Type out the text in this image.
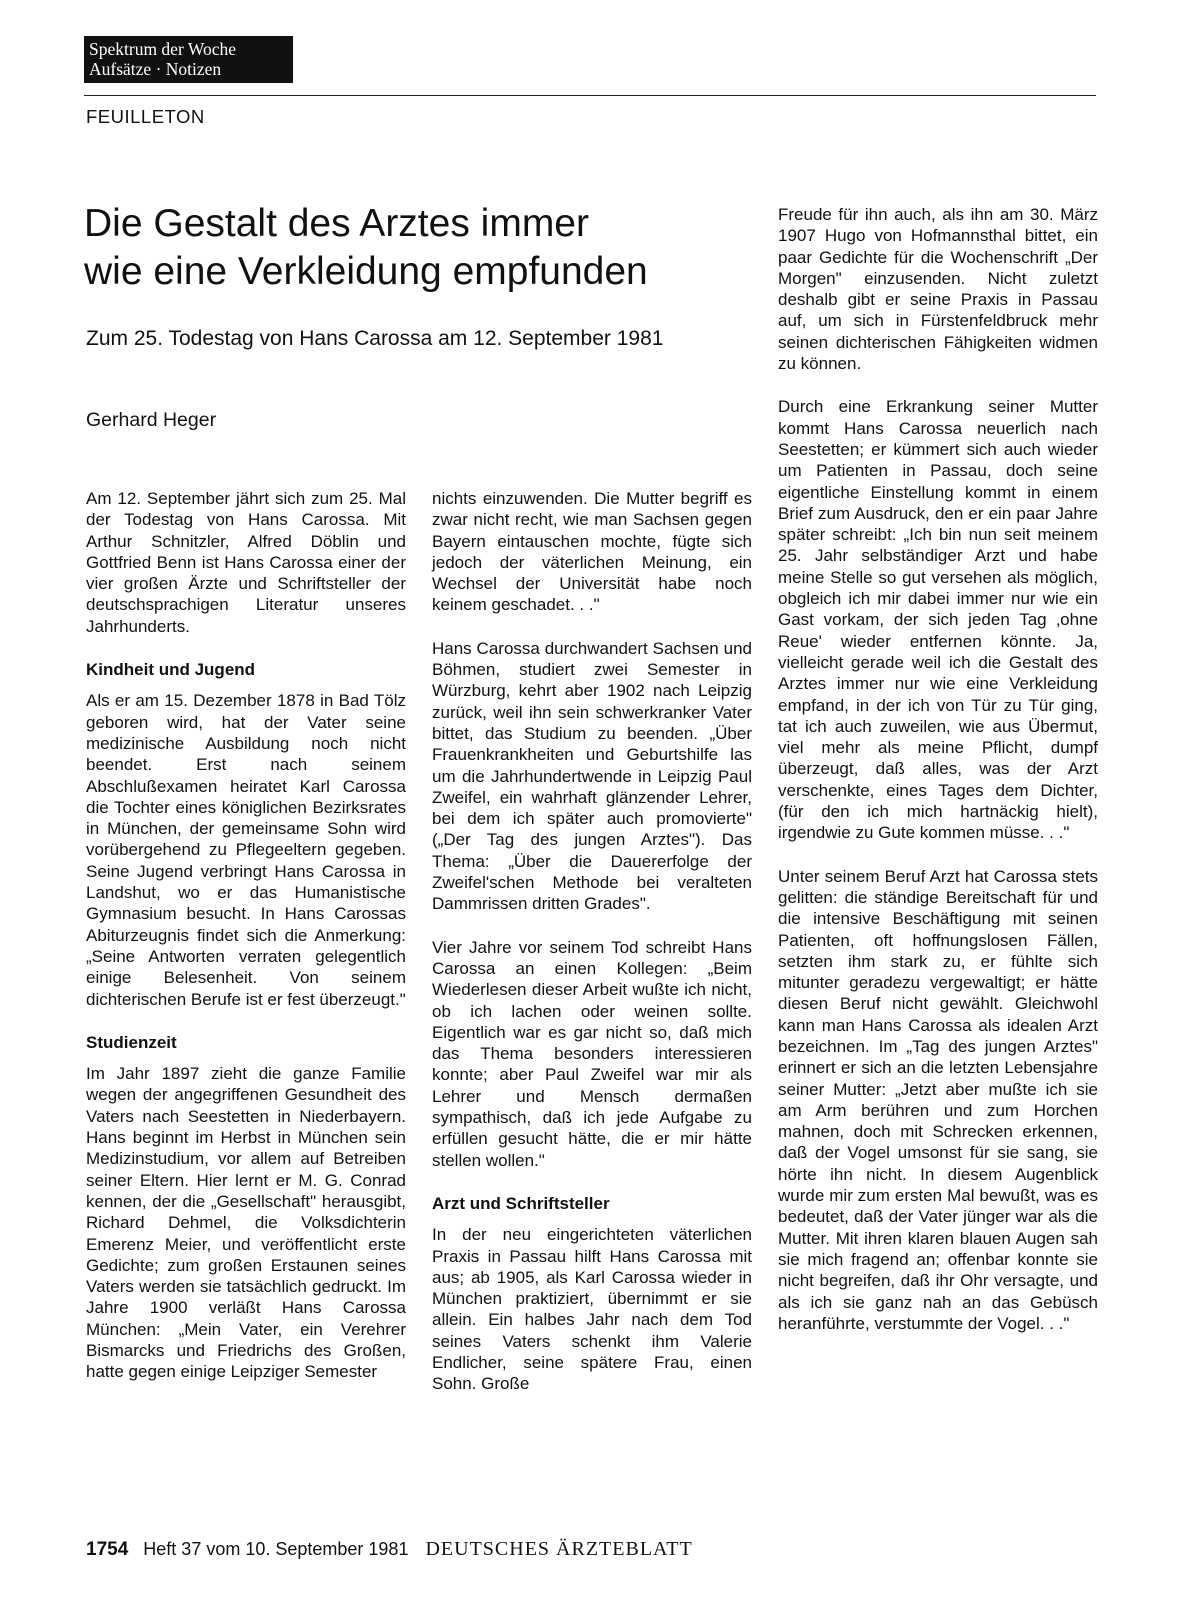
Spektrum der Woche
Aufsätze · Notizen
FEUILLETON
Die Gestalt des Arztes immer
wie eine Verkleidung empfunden
Zum 25. Todestag von Hans Carossa am 12. September 1981
Gerhard Heger

Am 12. September jährt sich zum 25. Mal der Todestag von Hans Carossa. Mit Arthur Schnitzler, Alfred Döblin und Gottfried Benn ist Hans Carossa einer der vier großen Ärzte und Schriftsteller der deutschsprachigen Literatur unseres Jahrhunderts.

Kindheit und Jugend

Als er am 15. Dezember 1878 in Bad Tölz geboren wird, hat der Vater seine medizinische Ausbildung noch nicht beendet. Erst nach seinem Abschlußexamen heiratet Karl Carossa die Tochter eines königlichen Bezirksrates in München, der gemeinsame Sohn wird vorübergehend zu Pflegeeltern gegeben. Seine Jugend verbringt Hans Carossa in Landshut, wo er das Humanistische Gymnasium besucht. In Hans Carossas Abiturzeugnis findet sich die Anmerkung: „Seine Antworten verraten gelegentlich einige Belesenheit. Von seinem dichterischen Berufe ist er fest überzeugt."

Studienzeit

Im Jahr 1897 zieht die ganze Familie wegen der angegriffenen Gesundheit des Vaters nach Seestetten in Niederbayern. Hans beginnt im Herbst in München sein Medizinstudium, vor allem auf Betreiben seiner Eltern. Hier lernt er M. G. Conrad kennen, der die „Gesellschaft" herausgibt, Richard Dehmel, die Volksdichterin Emerenz Meier, und veröffentlicht erste Gedichte; zum großen Erstaunen seines Vaters werden sie tatsächlich gedruckt. Im Jahre 1900 verläßt Hans Carossa München: „Mein Vater, ein Verehrer Bismarcks und Friedrichs des Großen, hatte gegen einige Leipziger Semester

nichts einzuwenden. Die Mutter begriff es zwar nicht recht, wie man Sachsen gegen Bayern eintauschen mochte, fügte sich jedoch der väterlichen Meinung, ein Wechsel der Universität habe noch keinem geschadet. . ."

Hans Carossa durchwandert Sachsen und Böhmen, studiert zwei Semester in Würzburg, kehrt aber 1902 nach Leipzig zurück, weil ihn sein schwerkranker Vater bittet, das Studium zu beenden. „Über Frauenkrankheiten und Geburtshilfe las um die Jahrhundertwende in Leipzig Paul Zweifel, ein wahrhaft glänzender Lehrer, bei dem ich später auch promovierte" („Der Tag des jungen Arztes"). Das Thema: „Über die Dauererfolge der Zweifel'schen Methode bei veralteten Dammrissen dritten Grades".

Vier Jahre vor seinem Tod schreibt Hans Carossa an einen Kollegen: „Beim Wiederlesen dieser Arbeit wußte ich nicht, ob ich lachen oder weinen sollte. Eigentlich war es gar nicht so, daß mich das Thema besonders interessieren konnte; aber Paul Zweifel war mir als Lehrer und Mensch dermaßen sympathisch, daß ich jede Aufgabe zu erfüllen gesucht hätte, die er mir hätte stellen wollen."

Arzt und Schriftsteller

In der neu eingerichteten väterlichen Praxis in Passau hilft Hans Carossa mit aus; ab 1905, als Karl Carossa wieder in München praktiziert, übernimmt er sie allein. Ein halbes Jahr nach dem Tod seines Vaters schenkt ihm Valerie Endlicher, seine spätere Frau, einen Sohn. Große

Freude für ihn auch, als ihn am 30. März 1907 Hugo von Hofmannsthal bittet, ein paar Gedichte für die Wochenschrift „Der Morgen" einzusenden. Nicht zuletzt deshalb gibt er seine Praxis in Passau auf, um sich in Fürstenfeldbruck mehr seinen dichterischen Fähigkeiten widmen zu können.

Durch eine Erkrankung seiner Mutter kommt Hans Carossa neuerlich nach Seestetten; er kümmert sich auch wieder um Patienten in Passau, doch seine eigentliche Einstellung kommt in einem Brief zum Ausdruck, den er ein paar Jahre später schreibt: „Ich bin nun seit meinem 25. Jahr selbständiger Arzt und habe meine Stelle so gut versehen als möglich, obgleich ich mir dabei immer nur wie ein Gast vorkam, der sich jeden Tag ‚ohne Reue' wieder entfernen könnte. Ja, vielleicht gerade weil ich die Gestalt des Arztes immer nur wie eine Verkleidung empfand, in der ich von Tür zu Tür ging, tat ich auch zuweilen, wie aus Übermut, viel mehr als meine Pflicht, dumpf überzeugt, daß alles, was der Arzt verschenkte, eines Tages dem Dichter, (für den ich mich hartnäckig hielt), irgendwie zu Gute kommen müsse. . ."

Unter seinem Beruf Arzt hat Carossa stets gelitten: die ständige Bereitschaft für und die intensive Beschäftigung mit seinen Patienten, oft hoffnungslosen Fällen, setzten ihm stark zu, er fühlte sich mitunter geradezu vergewaltigt; er hätte diesen Beruf nicht gewählt. Gleichwohl kann man Hans Carossa als idealen Arzt bezeichnen. Im „Tag des jungen Arztes" erinnert er sich an die letzten Lebensjahre seiner Mutter: „Jetzt aber mußte ich sie am Arm berühren und zum Horchen mahnen, doch mit Schrecken erkennen, daß der Vogel umsonst für sie sang, sie hörte ihn nicht. In diesem Augenblick wurde mir zum ersten Mal bewußt, was es bedeutet, daß der Vater jünger war als die Mutter. Mit ihren klaren blauen Augen sah sie mich fragend an; offenbar konnte sie nicht begreifen, daß ihr Ohr versagte, und als ich sie ganz nah an das Gebüsch heranführte, verstummte der Vogel. . ."

1754 Heft 37 vom 10. September 1981 DEUTSCHES ÄRZTEBLATT
